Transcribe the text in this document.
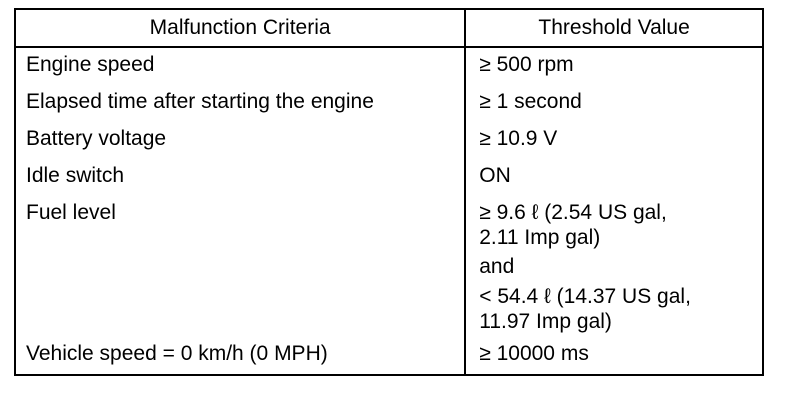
Malfunction Criteria	Threshold Value
Engine speed	≥ 500 rpm

Elapsed time after starting the engine	≥ 1 second

Battery voltage	≥ 10.9 V

Idle switch	ON

Fuel level	≥ 9.6 ℓ (2.54 US gal,
2.11 Imp gal)
and
< 54.4 ℓ (14.37 US gal,
11.97 Imp gal)

Vehicle speed = 0 km/h (0 MPH)	≥ 10000 ms
